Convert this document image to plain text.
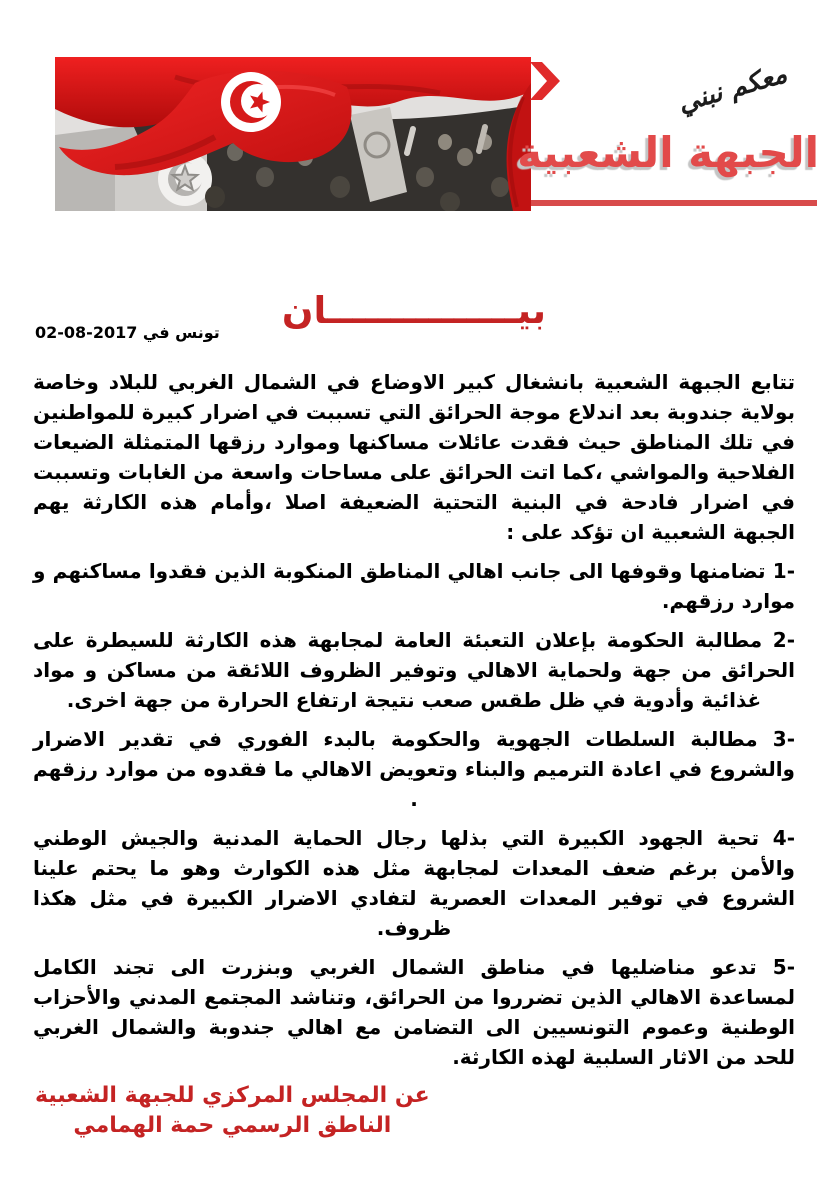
معكم نبني
الجبهة الشعبية
بيـــــــــــــــان
تونس في 2017-08-02

تتابع الجبهة الشعبية بانشغال كبير الاوضاع في الشمال الغربي للبلاد وخاصة بولاية جندوبة بعد اندلاع موجة الحرائق التي تسببت في اضرار كبيرة للمواطنين في تلك المناطق حيث فقدت عائلات مساكنها وموارد رزقها المتمثلة الضيعات الفلاحية والمواشي ،كما اتت الحرائق على مساحات واسعة من الغابات وتسببت في اضرار فادحة في البنية التحتية الضعيفة اصلا ،وأمام هذه الكارثة يهم الجبهة الشعبية ان تؤكد على :

-1 تضامنها وقوفها الى جانب اهالي المناطق المنكوبة الذين فقدوا مساكنهم و موارد رزقهم.

-2 مطالبة الحكومة بإعلان التعبئة العامة لمجابهة هذه الكارثة للسيطرة على الحرائق من جهة ولحماية الاهالي وتوفير الظروف اللائقة من مساكن و مواد غذائية وأدوية في ظل طقس صعب نتيجة ارتفاع الحرارة من جهة اخرى.

-3 مطالبة السلطات الجهوية والحكومة بالبدء الفوري في تقدير الاضرار والشروع في اعادة الترميم والبناء وتعويض الاهالي ما فقدوه من موارد رزقهم .

-4 تحية الجهود الكبيرة التي بذلها رجال الحماية المدنية والجيش الوطني والأمن برغم ضعف المعدات لمجابهة مثل هذه الكوارث وهو ما يحتم علينا الشروع في توفير المعدات العصرية لتفادي الاضرار الكبيرة في مثل هكذا ظروف.

-5 تدعو مناضليها في مناطق الشمال الغربي وبنزرت الى تجند الكامل لمساعدة الاهالي الذين تضرروا من الحرائق، وتناشد المجتمع المدني والأحزاب الوطنية وعموم التونسيين الى التضامن مع اهالي جندوبة والشمال الغربي للحد من الاثار السلبية لهذه الكارثة.

عن المجلس المركزي للجبهة الشعبية
الناطق الرسمي حمة الهمامي
